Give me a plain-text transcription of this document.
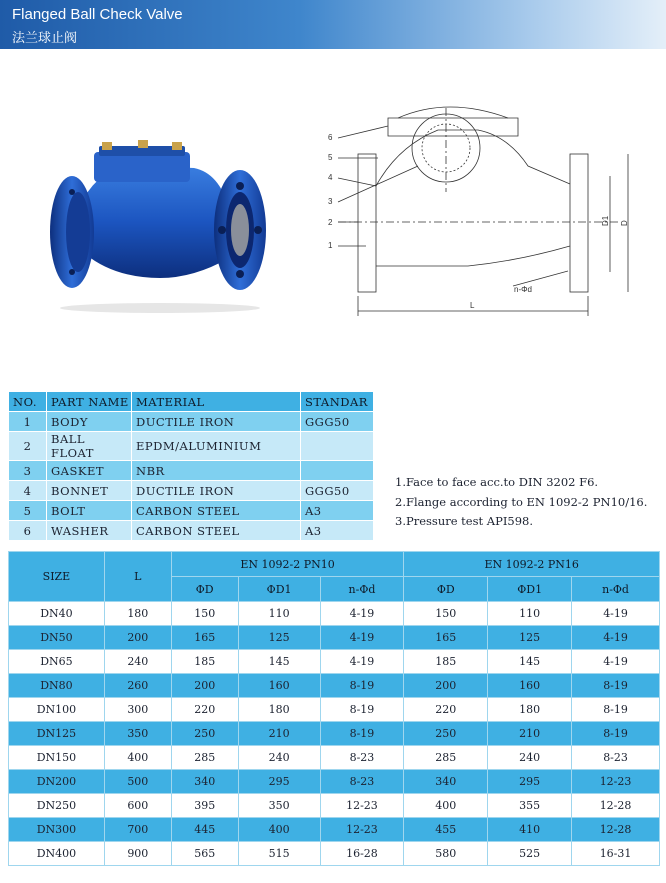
Flanged Ball Check Valve
法兰球止阀
6
5
4
3
2
1
D1 D
L
n-Φd
NO.	PART NAME	MATERIAL	STANDAR
1	BODY	DUCTILE IRON	GGG50
2	BALL FLOAT	EPDM/ALUMINIUM	
3	GASKET	NBR	
4	BONNET	DUCTILE IRON	GGG50
5	BOLT	CARBON STEEL	A3
6	WASHER	CARBON STEEL	A3
1.Face to face acc.to DIN 3202 F6.
2.Flange according to EN 1092-2 PN10/16.
3.Pressure test API598.
SIZE	L	EN 1092-2 PN10			EN 1092-2 PN16		
		ΦD	ΦD1	n-Φd	ΦD	ΦD1	n-Φd
DN40	180	150	110	4-19	150	110	4-19
DN50	200	165	125	4-19	165	125	4-19
DN65	240	185	145	4-19	185	145	4-19
DN80	260	200	160	8-19	200	160	8-19
DN100	300	220	180	8-19	220	180	8-19
DN125	350	250	210	8-19	250	210	8-19
DN150	400	285	240	8-23	285	240	8-23
DN200	500	340	295	8-23	340	295	12-23
DN250	600	395	350	12-23	400	355	12-28
DN300	700	445	400	12-23	455	410	12-28
DN400	900	565	515	16-28	580	525	16-31
